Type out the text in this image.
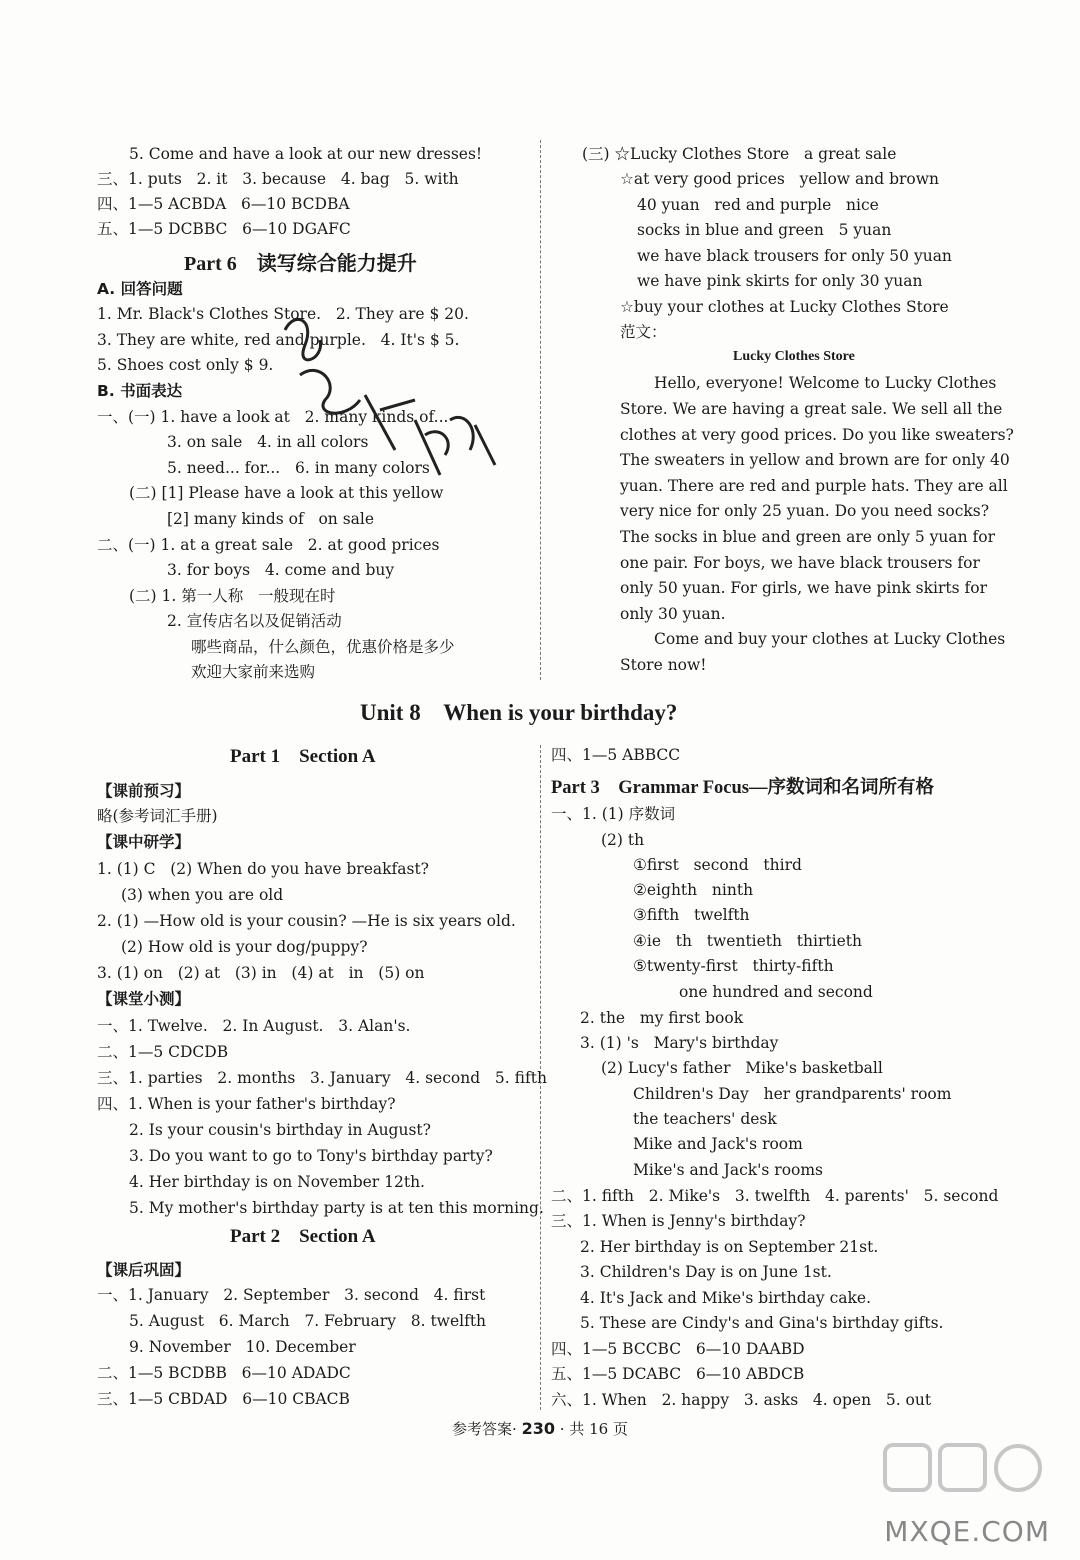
5. Come and have a look at our new dresses!
三、1. puts   2. it   3. because   4. bag   5. with
四、1—5 ACBDA   6—10 BCDBA
五、1—5 DCBBC   6—10 DGAFC
Part 6    读写综合能力提升
A. 回答问题
1. Mr. Black's Clothes Store.   2. They are $ 20.
3. They are white, red and purple.   4. It's $ 5.
5. Shoes cost only $ 9.
B. 书面表达
一、(一) 1. have a look at   2. many kinds of...
3. on sale   4. in all colors
5. need... for...   6. in many colors
(二) [1] Please have a look at this yellow
[2] many kinds of   on sale
二、(一) 1. at a great sale   2. at good prices
3. for boys   4. come and buy
(二) 1. 第一人称   一般现在时
2. 宣传店名以及促销活动
哪些商品，什么颜色，优惠价格是多少
欢迎大家前来选购
(三) ☆Lucky Clothes Store   a great sale
☆at very good prices   yellow and brown
40 yuan   red and purple   nice
socks in blue and green   5 yuan
we have black trousers for only 50 yuan
we have pink skirts for only 30 yuan
☆buy your clothes at Lucky Clothes Store
范文：
Lucky Clothes Store
Hello, everyone! Welcome to Lucky Clothes
Store. We are having a great sale. We sell all the
clothes at very good prices. Do you like sweaters?
The sweaters in yellow and brown are for only 40
yuan. There are red and purple hats. They are all
very nice for only 25 yuan. Do you need socks?
The socks in blue and green are only 5 yuan for
one pair. For boys, we have black trousers for
only 50 yuan. For girls, we have pink skirts for
only 30 yuan.
Come and buy your clothes at Lucky Clothes
Store now!
Unit 8    When is your birthday?
Part 1    Section A
【课前预习】
略(参考词汇手册)
【课中研学】
1. (1) C   (2) When do you have breakfast?
(3) when you are old
2. (1) —How old is your cousin? —He is six years old.
(2) How old is your dog/puppy?
3. (1) on   (2) at   (3) in   (4) at   in   (5) on
【课堂小测】
一、1. Twelve.   2. In August.   3. Alan's.
二、1—5 CDCDB
三、1. parties   2. months   3. January   4. second   5. fifth
四、1. When is your father's birthday?
2. Is your cousin's birthday in August?
3. Do you want to go to Tony's birthday party?
4. Her birthday is on November 12th.
5. My mother's birthday party is at ten this morning.
Part 2    Section A
【课后巩固】
一、1. January   2. September   3. second   4. first
5. August   6. March   7. February   8. twelfth
9. November   10. December
二、1—5 BCDBB   6—10 ADADC
三、1—5 CBDAD   6—10 CBACB
四、1—5 ABBCC
Part 3    Grammar Focus—序数词和名词所有格
一、1. (1) 序数词
(2) th
①first   second   third
②eighth   ninth
③fifth   twelfth
④ie   th   twentieth   thirtieth
⑤twenty-first   thirty-fifth
one hundred and second
2. the   my first book
3. (1) 's   Mary's birthday
(2) Lucy's father   Mike's basketball
Children's Day   her grandparents' room
the teachers' desk
Mike and Jack's room
Mike's and Jack's rooms
二、1. fifth   2. Mike's   3. twelfth   4. parents'   5. second
三、1. When is Jenny's birthday?
2. Her birthday is on September 21st.
3. Children's Day is on June 1st.
4. It's Jack and Mike's birthday cake.
5. These are Cindy's and Gina's birthday gifts.
四、1—5 BCCBC   6—10 DAABD
五、1—5 DCABC   6—10 ABDCB
六、1. When   2. happy   3. asks   4. open   5. out
参考答案· 230 · 共 16 页
MXQE.COM
